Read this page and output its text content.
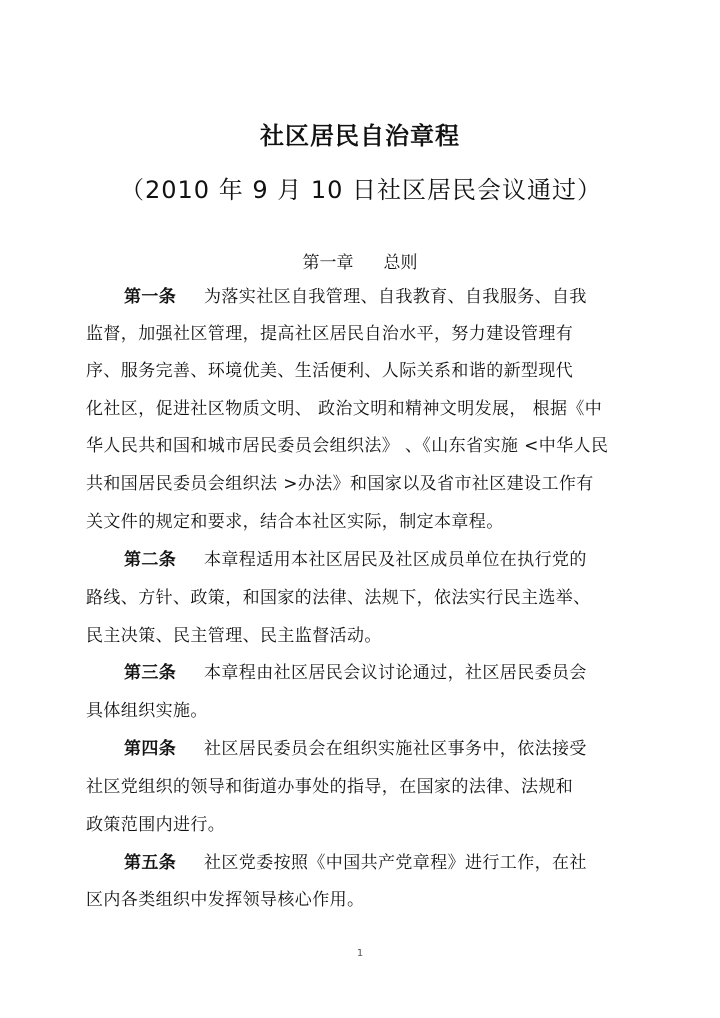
社区居民自治章程
（2010 年 9 月 10 日社区居民会议通过）
第一章 总则
第一条 为落实社区自我管理、自我教育、自我服务、自我
监督，加强社区管理，提高社区居民自治水平，努力建设管理有
序、服务完善、环境优美、生活便利、人际关系和谐的新型现代
化社区，促进社区物质文明、 政治文明和精神文明发展， 根据《中
华人民共和国和城市居民委员会组织法》 、《山东省实施 <中华人民
共和国居民委员会组织法 >办法》和国家以及省市社区建设工作有
关文件的规定和要求，结合本社区实际，制定本章程。
第二条 本章程适用本社区居民及社区成员单位在执行党的
路线、方针、政策，和国家的法律、法规下，依法实行民主选举、
民主决策、民主管理、民主监督活动。
第三条 本章程由社区居民会议讨论通过，社区居民委员会
具体组织实施。
第四条 社区居民委员会在组织实施社区事务中，依法接受
社区党组织的领导和街道办事处的指导，在国家的法律、法规和
政策范围内进行。
第五条 社区党委按照《中国共产党章程》进行工作，在社
区内各类组织中发挥领导核心作用。
1
